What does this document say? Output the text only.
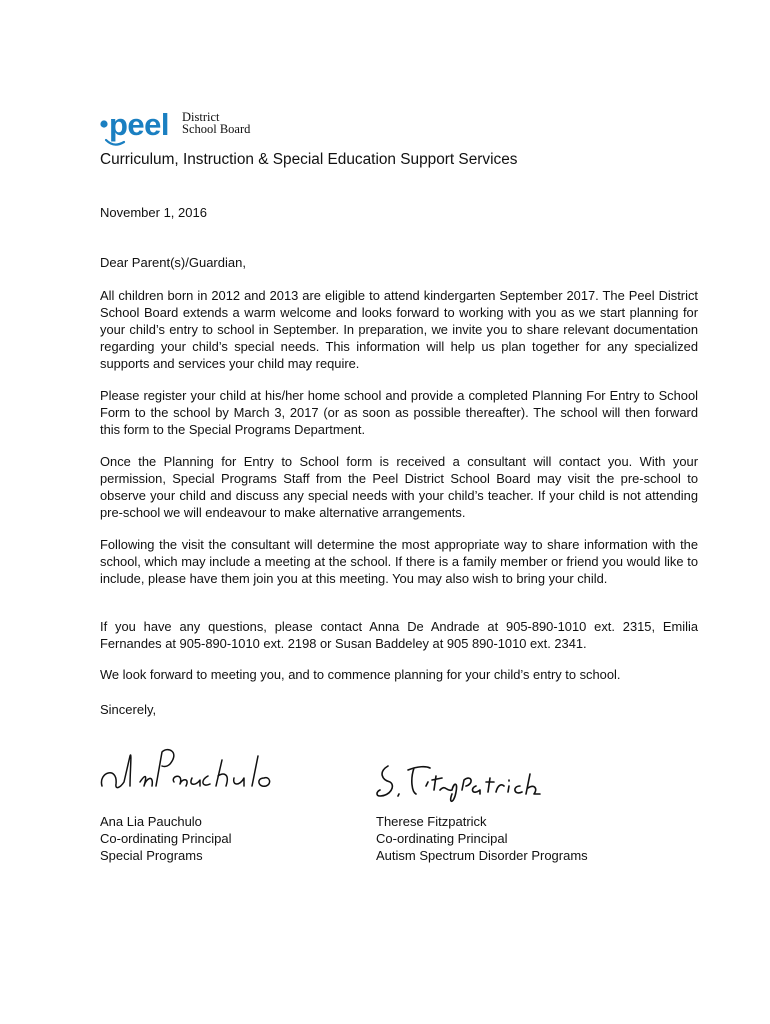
peel District
School Board
Curriculum, Instruction & Special Education Support Services
November 1, 2016
Dear Parent(s)/Guardian,
All children born in 2012 and 2013 are eligible to attend kindergarten September 2017. The Peel District School Board extends a warm welcome and looks forward to working with you as we start planning for your child’s entry to school in September. In preparation, we invite you to share relevant documentation regarding your child’s special needs. This information will help us plan together for any specialized supports and services your child may require.
Please register your child at his/her home school and provide a completed Planning For Entry to School Form to the school by March 3, 2017 (or as soon as possible thereafter). The school will then forward this form to the Special Programs Department.
Once the Planning for Entry to School form is received a consultant will contact you. With your permission, Special Programs Staff from the Peel District School Board may visit the pre-school to observe your child and discuss any special needs with your child’s teacher. If your child is not attending pre-school we will endeavour to make alternative arrangements.
Following the visit the consultant will determine the most appropriate way to share information with the school, which may include a meeting at the school. If there is a family member or friend you would like to include, please have them join you at this meeting. You may also wish to bring your child.
If you have any questions, please contact Anna De Andrade at 905-890-1010 ext. 2315, Emilia Fernandes at 905-890-1010 ext. 2198 or Susan Baddeley at 905 890-1010 ext. 2341.
We look forward to meeting you, and to commence planning for your child’s entry to school.
Sincerely,
Ana Lia Pauchulo
Co-ordinating Principal
Special Programs
Therese Fitzpatrick
Co-ordinating Principal
Autism Spectrum Disorder Programs
